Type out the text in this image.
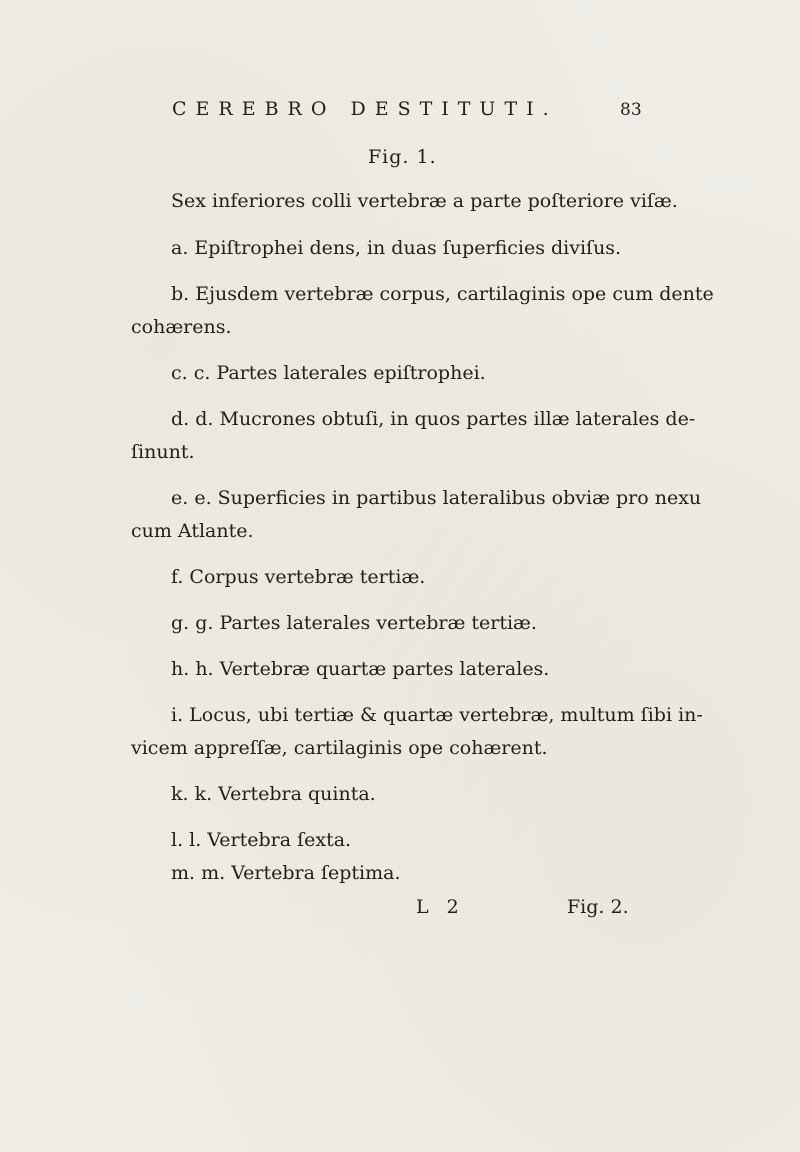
CEREBRO DESTITUTI.	83
Fig. 1.
Sex inferiores colli vertebræ a parte poſteriore viſæ.
a. Epiſtrophei dens, in duas ſuperficies diviſus.
b. Ejusdem vertebræ corpus, cartilaginis ope cum dente
cohærens.
c. c. Partes laterales epiſtrophei.
d. d. Mucrones obtuſi, in quos partes illæ laterales de-
ſinunt.
e. e. Superficies in partibus lateralibus obviæ pro nexu
cum Atlante.
f. Corpus vertebræ tertiæ.
g. g. Partes laterales vertebræ tertiæ.
h. h. Vertebræ quartæ partes laterales.
i. Locus, ubi tertiæ & quartæ vertebræ, multum ſibi in-
vicem appreſſæ, cartilaginis ope cohærent.
k. k. Vertebra quinta.
l. l. Vertebra ſexta.
m. m. Vertebra ſeptima.
L 2	Fig. 2.
